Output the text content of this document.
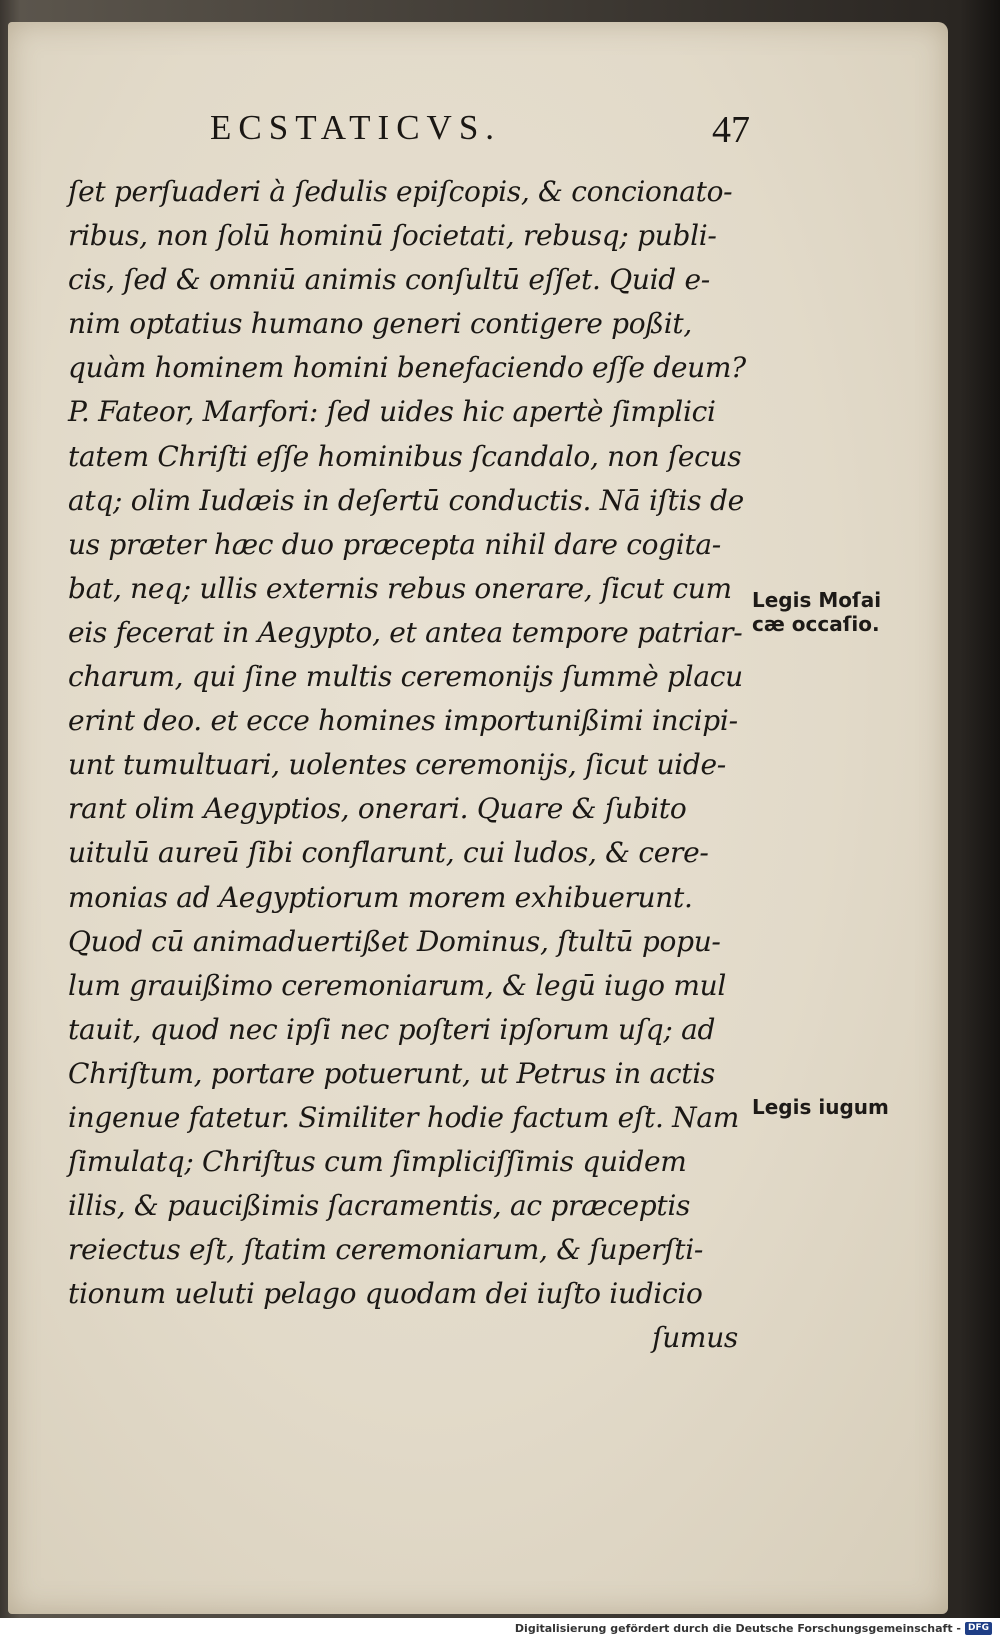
ECSTATICVS.	47
ſet perſuaderi à ſedulis epiſcopis, & concionato-
ribus, non ſolū hominū ſocietati, rebusq; publi-
cis, ſed & omniū animis conſultū eſſet. Quid e-
nim optatius humano generi contigere poßit,
quàm hominem homini benefaciendo eſſe deum?
P. Fateor, Marfori: ſed uides hic apertè ſimplici
tatem Chriſti eſſe hominibus ſcandalo, non ſecus
atq; olim Iudæis in deſertū conductis. Nā iſtis de
us præter hæc duo præcepta nihil dare cogita-
bat, neq; ullis externis rebus onerare, ſicut cum
eis fecerat in Aegypto, et antea tempore patriar-
charum, qui ſine multis ceremonijs ſummè placu
erint deo. et ecce homines importunißimi incipi-
unt tumultuari, uolentes ceremonijs, ſicut uide-
rant olim Aegyptios, onerari. Quare & ſubito
uitulū aureū ſibi conflarunt, cui ludos, & cere-
monias ad Aegyptiorum morem exhibuerunt.
Quod cū animaduertißet Dominus, ſtultū popu-
lum grauißimo ceremoniarum, & legū iugo mul
tauit, quod nec ipſi nec poſteri ipſorum uſq; ad
Chriſtum, portare potuerunt, ut Petrus in actis
ingenue fatetur. Similiter hodie factum eſt. Nam
ſimulatq; Chriſtus cum ſimpliciſſimis quidem
illis, & paucißimis ſacramentis, ac præceptis
reiectus eſt, ſtatim ceremoniarum, & ſuperſti-
tionum ueluti pelago quodam dei iuſto iudicio
ſumus
Legis Moſai
cæ occaſio.
Legis iugum
Digitalisierung gefördert durch die Deutsche Forschungsgemeinschaft - DFG
